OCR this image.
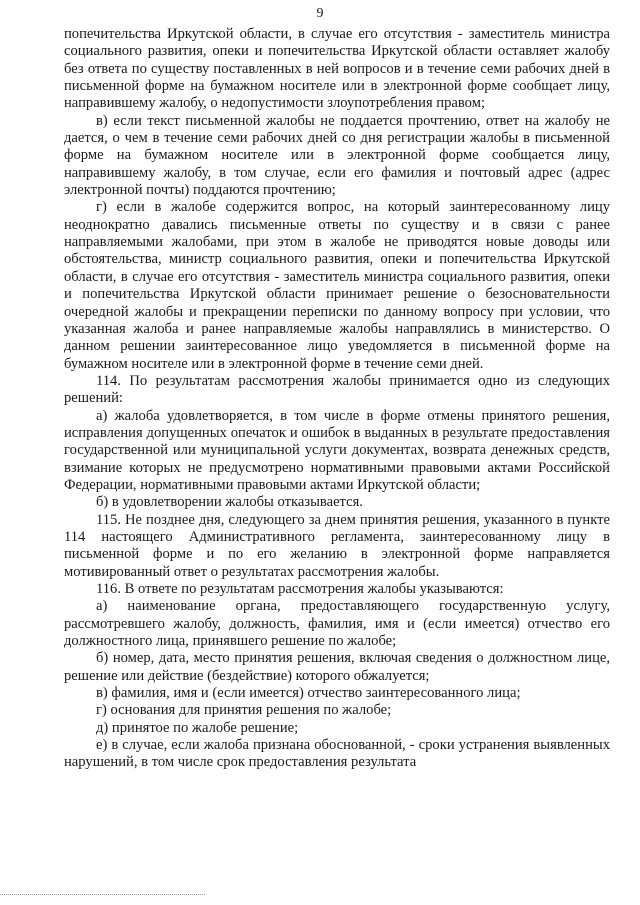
9

попечительства Иркутской области, в случае его отсутствия - заместитель министра социального развития, опеки и попечительства Иркутской области оставляет жалобу без ответа по существу поставленных в ней вопросов и в течение семи рабочих дней в письменной форме на бумажном носителе или в электронной форме сообщает лицу, направившему жалобу, о недопустимости злоупотребления правом;

в) если текст письменной жалобы не поддается прочтению, ответ на жалобу не дается, о чем в течение семи рабочих дней со дня регистрации жалобы в письменной форме на бумажном носителе или в электронной форме сообщается лицу, направившему жалобу, в том случае, если его фамилия и почтовый адрес (адрес электронной почты) поддаются прочтению;

г) если в жалобе содержится вопрос, на который заинтересованному лицу неоднократно давались письменные ответы по существу и в связи с ранее направляемыми жалобами, при этом в жалобе не приводятся новые доводы или обстоятельства, министр социального развития, опеки и попечительства Иркутской области, в случае его отсутствия - заместитель министра социального развития, опеки и попечительства Иркутской области принимает решение о безосновательности очередной жалобы и прекращении переписки по данному вопросу при условии, что указанная жалоба и ранее направляемые жалобы направлялись в министерство. О данном решении заинтересованное лицо уведомляется в письменной форме на бумажном носителе или в электронной форме в течение семи дней.

114. По результатам рассмотрения жалобы принимается одно из следующих решений:

а) жалоба удовлетворяется, в том числе в форме отмены принятого решения, исправления допущенных опечаток и ошибок в выданных в результате предоставления государственной или муниципальной услуги документах, возврата денежных средств, взимание которых не предусмотрено нормативными правовыми актами Российской Федерации, нормативными правовыми актами Иркутской области;

б) в удовлетворении жалобы отказывается.

115. Не позднее дня, следующего за днем принятия решения, указанного в пункте 114 настоящего Административного регламента, заинтересованному лицу в письменной форме и по его желанию в электронной форме направляется мотивированный ответ о результатах рассмотрения жалобы.

116. В ответе по результатам рассмотрения жалобы указываются:

а) наименование органа, предоставляющего государственную услугу, рассмотревшего жалобу, должность, фамилия, имя и (если имеется) отчество его должностного лица, принявшего решение по жалобе;

б) номер, дата, место принятия решения, включая сведения о должностном лице, решение или действие (бездействие) которого обжалуется;

в) фамилия, имя и (если имеется) отчество заинтересованного лица;

г) основания для принятия решения по жалобе;

д) принятое по жалобе решение;

е) в случае, если жалоба признана обоснованной, - сроки устранения выявленных нарушений, в том числе срок предоставления результата
